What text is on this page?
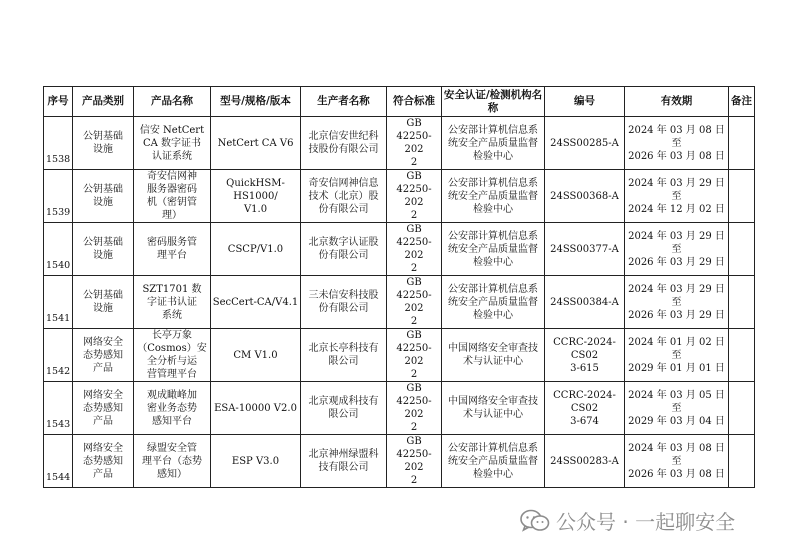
序号	产品类别	产品名称	型号/规格/版本	生产者名称	符合标准	安全认证/检测机构名
称	编号	有效期	备注
1538	公钥基础
设施	信安 NetCert
CA 数字证书
认证系统	NetCert CA V6	北京信安世纪科
技股份有限公司	GB
42250-202
2	公安部计算机信息系
统安全产品质量监督
检验中心	24SS00285-A	2024 年 03 月 08 日至
2026 年 03 月 08 日	
1539	公钥基础
设施	奇安信网神
服务器密码
机（密钥管
理）	QuickHSM-HS1000/
V1.0	奇安信网神信息
技术（北京）股
份有限公司	GB
42250-202
2	公安部计算机信息系
统安全产品质量监督
检验中心	24SS00368-A	2024 年 03 月 29 日至
2024 年 12 月 02 日	
1540	公钥基础
设施	密码服务管
理平台	CSCP/V1.0	北京数字认证股
份有限公司	GB
42250-202
2	公安部计算机信息系
统安全产品质量监督
检验中心	24SS00377-A	2024 年 03 月 29 日至
2026 年 03 月 29 日	
1541	公钥基础
设施	SZT1701 数
字证书认证
系统	SecCert-CA/V4.1	三未信安科技股
份有限公司	GB
42250-202
2	公安部计算机信息系
统安全产品质量监督
检验中心	24SS00384-A	2024 年 03 月 29 日至
2026 年 03 月 29 日	
1542	网络安全
态势感知
产品	长亭万象
（Cosmos）安
全分析与运
营管理平台	CM V1.0	北京长亭科技有
限公司	GB
42250-202
2	中国网络安全审查技
术与认证中心	CCRC-2024-CS02
3-615	2024 年 01 月 02 日至
2029 年 01 月 01 日	
1543	网络安全
态势感知
产品	观成瞰峰加
密业务态势
感知平台	ESA-10000 V2.0	北京观成科技有
限公司	GB
42250-202
2	中国网络安全审查技
术与认证中心	CCRC-2024-CS02
3-674	2024 年 03 月 05 日至
2029 年 03 月 04 日	
1544	网络安全
态势感知
产品	绿盟安全管
理平台（态势
感知）	ESP V3.0	北京神州绿盟科
技有限公司	GB
42250-202
2	公安部计算机信息系
统安全产品质量监督
检验中心	24SS00283-A	2024 年 03 月 08 日至
2026 年 03 月 08 日	
公众号 · 一起聊安全
